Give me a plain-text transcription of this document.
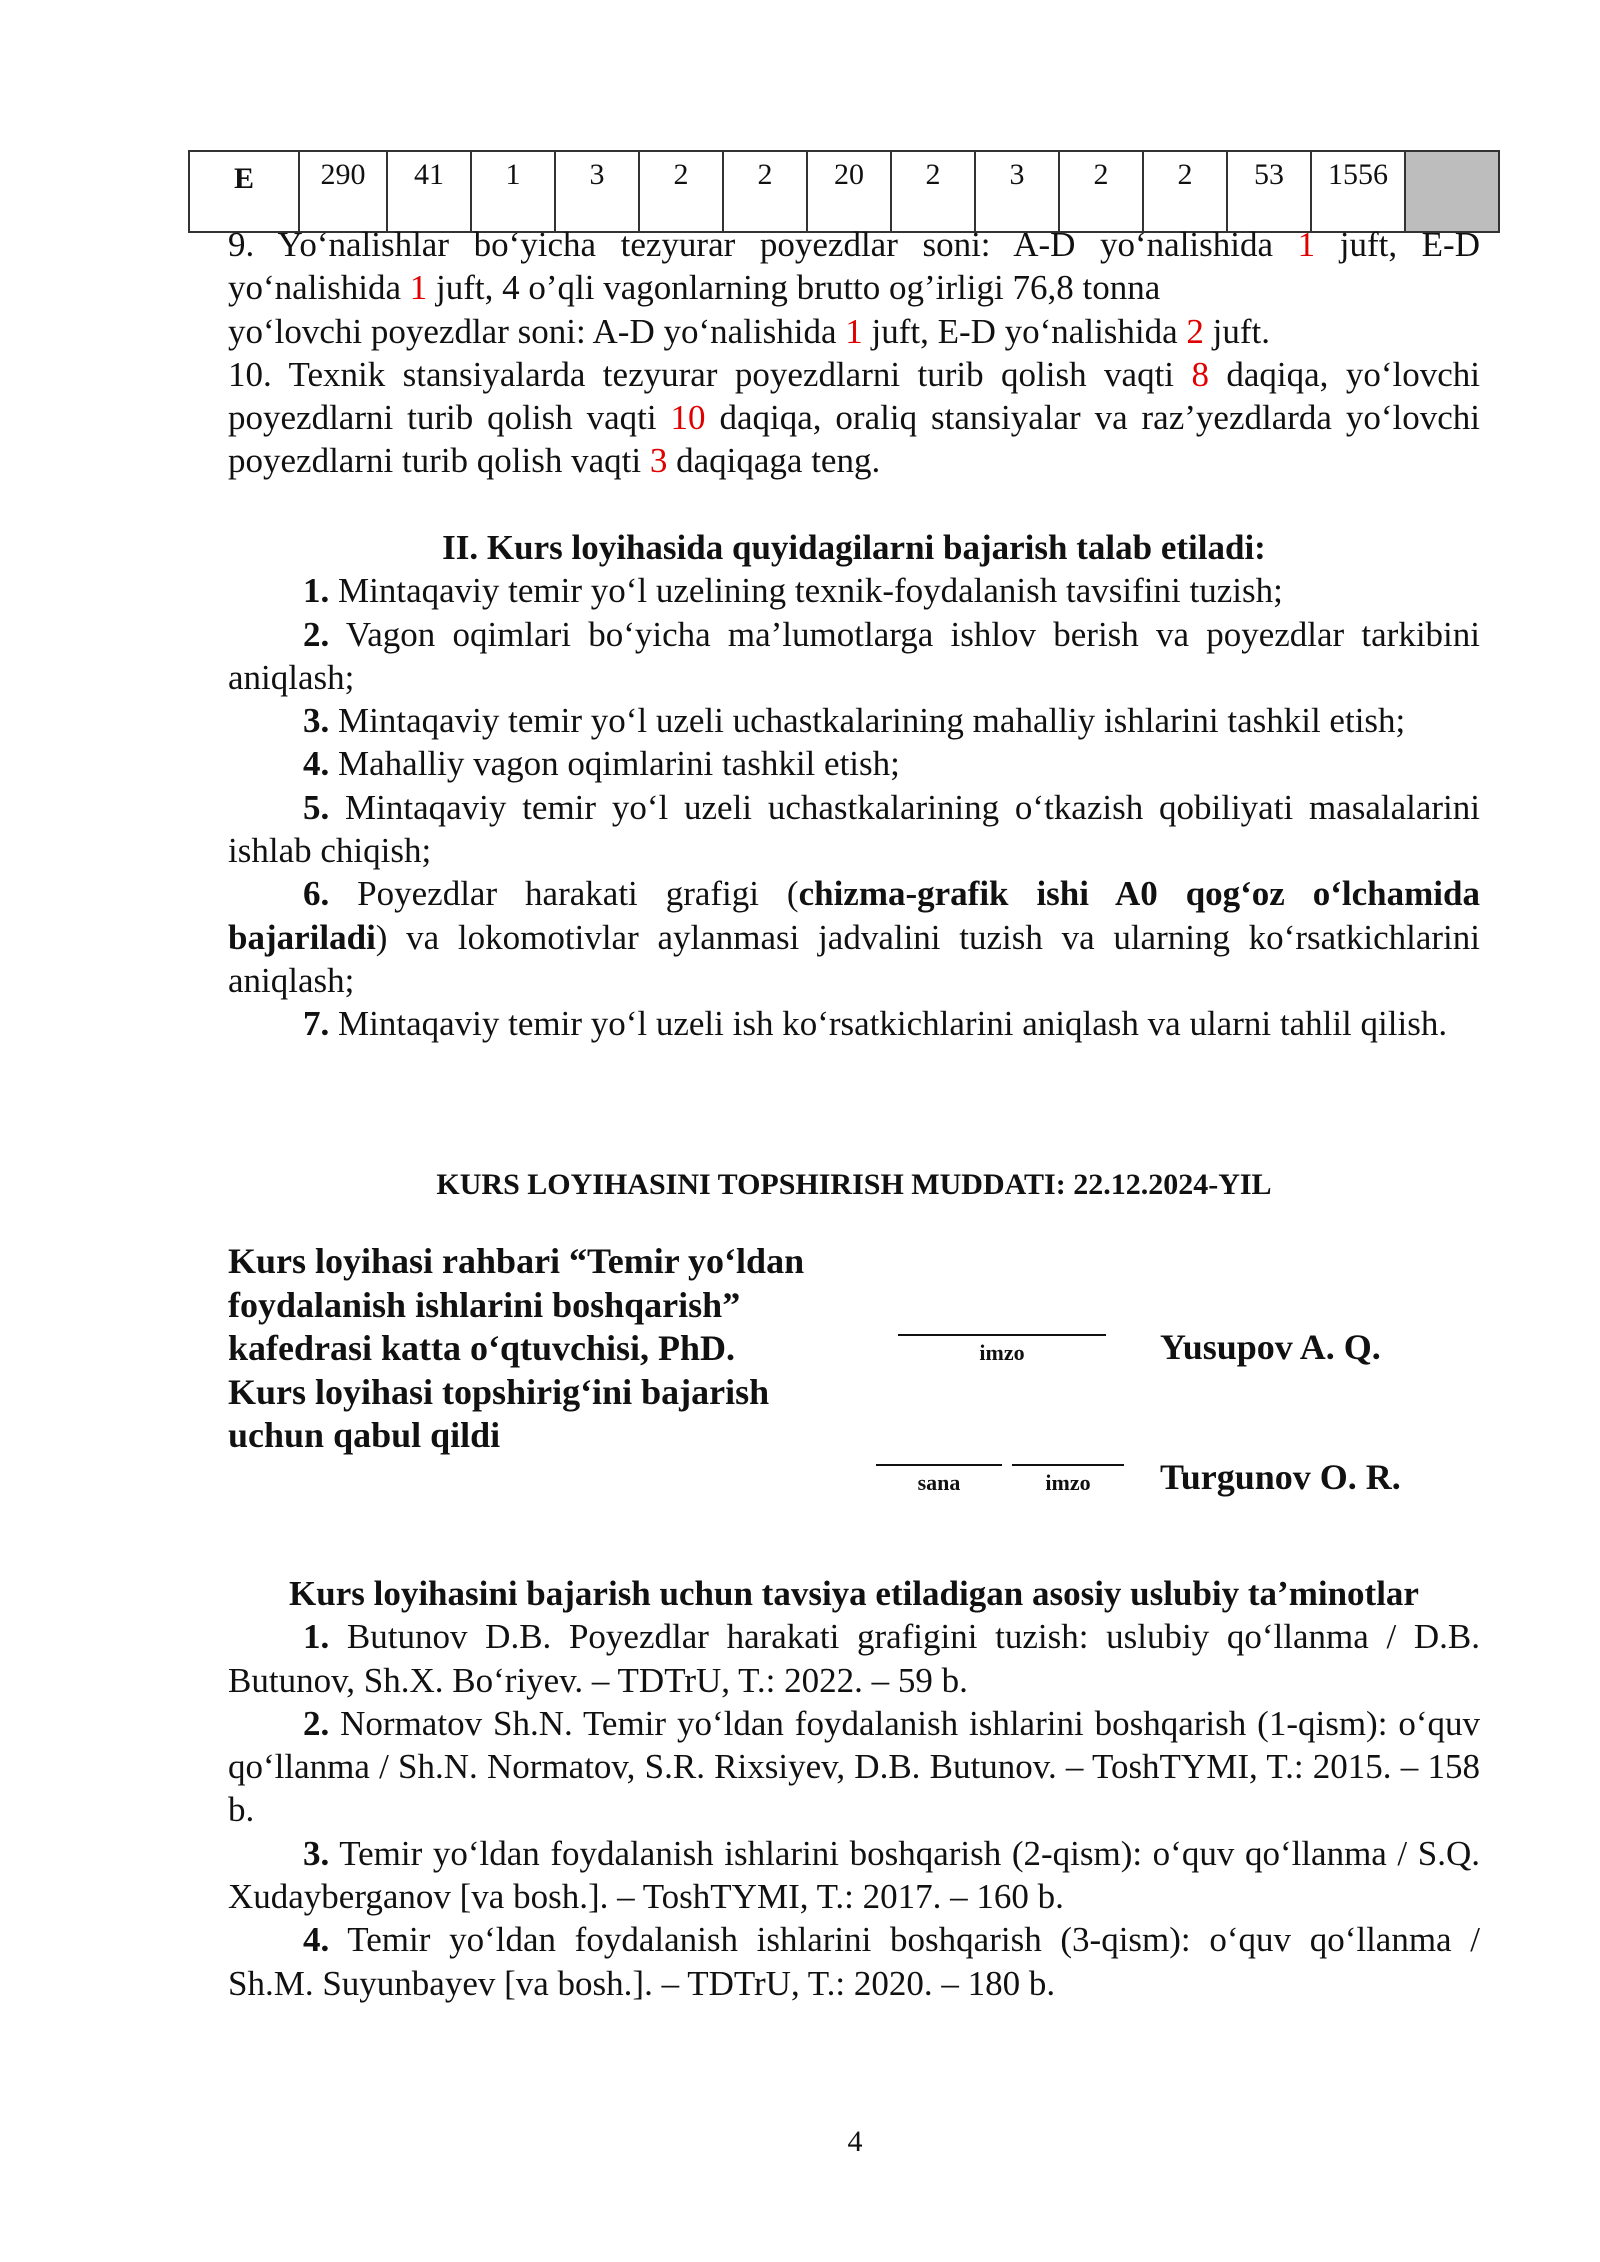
E	290	41	1	3	2	2	20	2	3	2	2	53	1556	

9. Yo‘nalishlar bo‘yicha tezyurar poyezdlar soni: A-D yo‘nalishida 1 juft, E-D yo‘nalishida 1 juft, 4 o’qli vagonlarning brutto og’irligi 76,8 tonna

yo‘lovchi poyezdlar soni: A-D yo‘nalishida 1 juft, E-D yo‘nalishida 2 juft.

10. Texnik stansiyalarda tezyurar poyezdlarni turib qolish vaqti 8 daqiqa, yo‘lovchi poyezdlarni turib qolish vaqti 10 daqiqa, oraliq stansiyalar va raz’yezdlarda yo‘lovchi poyezdlarni turib qolish vaqti 3 daqiqaga teng.

II. Kurs loyihasida quyidagilarni bajarish talab etiladi:

1. Mintaqaviy temir yo‘l uzelining texnik-foydalanish tavsifini tuzish;

2. Vagon oqimlari bo‘yicha ma’lumotlarga ishlov berish va poyezdlar tarkibini aniqlash;

3. Mintaqaviy temir yo‘l uzeli uchastkalarining mahalliy ishlarini tashkil etish;

4. Mahalliy vagon oqimlarini tashkil etish;

5. Mintaqaviy temir yo‘l uzeli uchastkalarining o‘tkazish qobiliyati masalalarini ishlab chiqish;

6. Poyezdlar harakati grafigi (chizma-grafik ishi A0 qog‘oz o‘lchamida bajariladi) va lokomotivlar aylanmasi jadvalini tuzish va ularning ko‘rsatkichlarini aniqlash;

7. Mintaqaviy temir yo‘l uzeli ish ko‘rsatkichlarini aniqlash va ularni tahlil qilish.

KURS LOYIHASINI TOPSHIRISH MUDDATI: 22.12.2024-YIL
Kurs loyihasi rahbari “Temir yo‘ldan
foydalanish ishlarini boshqarish”
kafedrasi katta o‘qtuvchisi, PhD.
Kurs loyihasi topshirig‘ini bajarish
uchun qabul qildi
imzo	Yusupov A. Q.
sana	imzo	Turgunov O. R.

Kurs loyihasini bajarish uchun tavsiya etiladigan asosiy uslubiy ta’minotlar

1. Butunov D.B. Poyezdlar harakati grafigini tuzish: uslubiy qo‘llanma / D.B. Butunov, Sh.X. Bo‘riyev. – TDTrU, T.: 2022. – 59 b.

2. Normatov Sh.N. Temir yo‘ldan foydalanish ishlarini boshqarish (1-qism): o‘quv qo‘llanma / Sh.N. Normatov, S.R. Rixsiyev, D.B. Butunov. – ToshTYMI, T.: 2015. – 158 b.

3. Temir yo‘ldan foydalanish ishlarini boshqarish (2-qism): o‘quv qo‘llanma / S.Q. Xudayberganov [va bosh.]. – ToshTYMI, T.: 2017. – 160 b.

4. Temir yo‘ldan foydalanish ishlarini boshqarish (3-qism): o‘quv qo‘llanma / Sh.M. Suyunbayev [va bosh.]. – TDTrU, T.: 2020. – 180 b.

4
